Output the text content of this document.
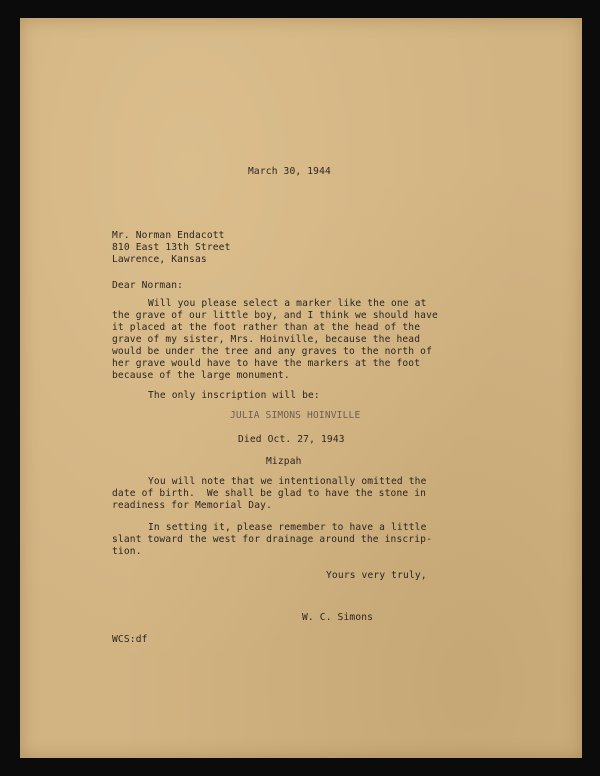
March 30, 1944
Mr. Norman Endacott
810 East 13th Street
Lawrence, Kansas
Dear Norman:
Will you please select a marker like the one at
the grave of our little boy, and I think we should have
it placed at the foot rather than at the head of the
grave of my sister, Mrs. Hoinville, because the head
would be under the tree and any graves to the north of
her grave would have to have the markers at the foot
because of the large monument.
The only inscription will be:
JULIA SIMONS HOINVILLE
Died Oct. 27, 1943
Mizpah
You will note that we intentionally omitted the
date of birth.  We shall be glad to have the stone in
readiness for Memorial Day.
In setting it, please remember to have a little
slant toward the west for drainage around the inscrip-
tion.
Yours very truly,
W. C. Simons
WCS:df
